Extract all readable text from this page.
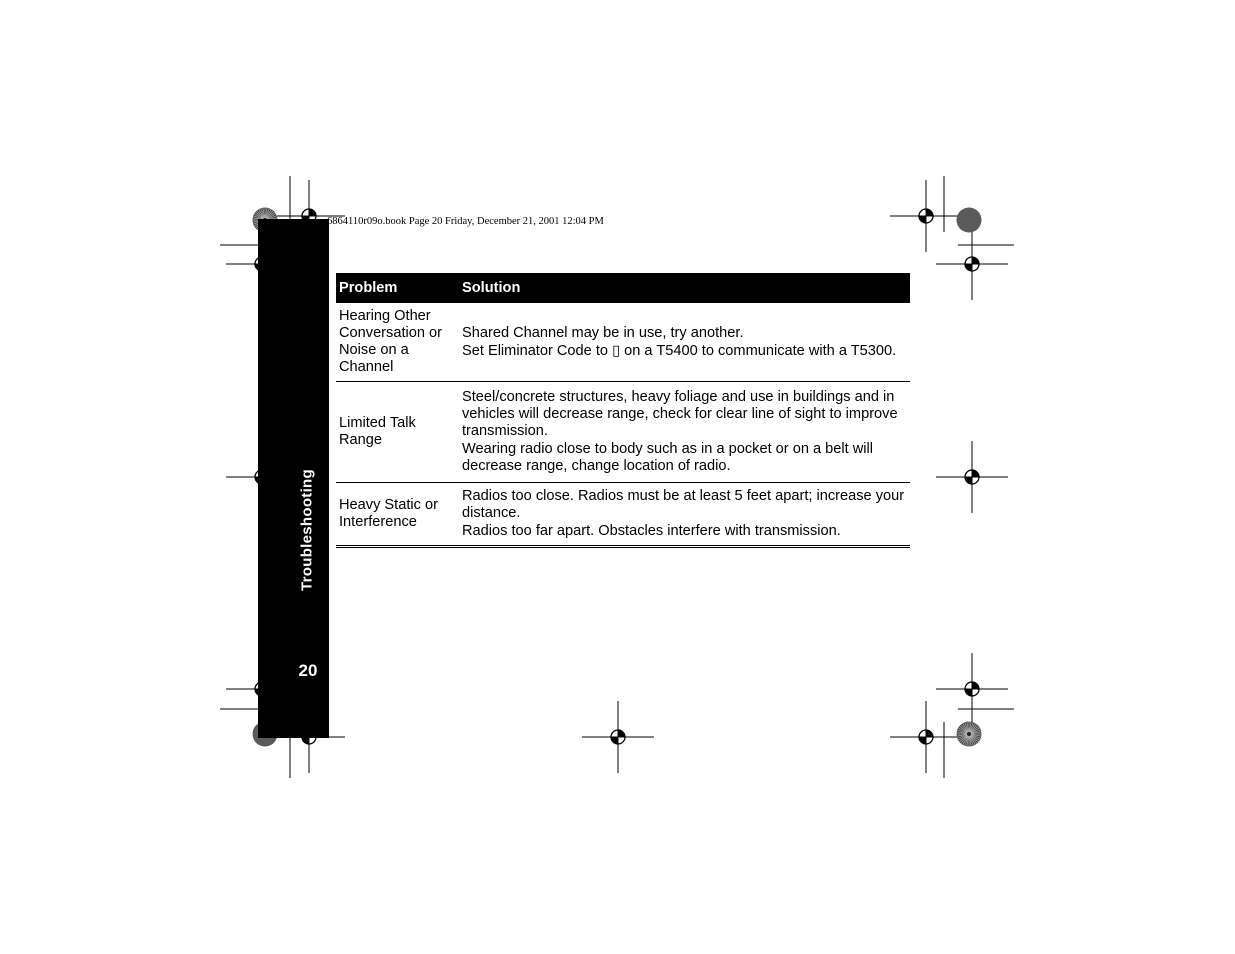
Troubleshooting
20
6864110r09o.book Page 20 Friday, December 21, 2001 12:04 PM
Problem	Solution
Hearing Other Conversation or Noise on a Channel	Shared Channel may be in use, try another.
Set Eliminator Code to ▯ on a T5400 to communicate with a T5300.

Limited Talk Range	Steel/concrete structures, heavy foliage and use in buildings and in vehicles will decrease range, check for clear line of sight to improve transmission.
Wearing radio close to body such as in a pocket or on a belt will decrease range, change location of radio.

Heavy Static or Interference	Radios too close. Radios must be at least 5 feet apart; increase your distance.
Radios too far apart. Obstacles interfere with transmission.
